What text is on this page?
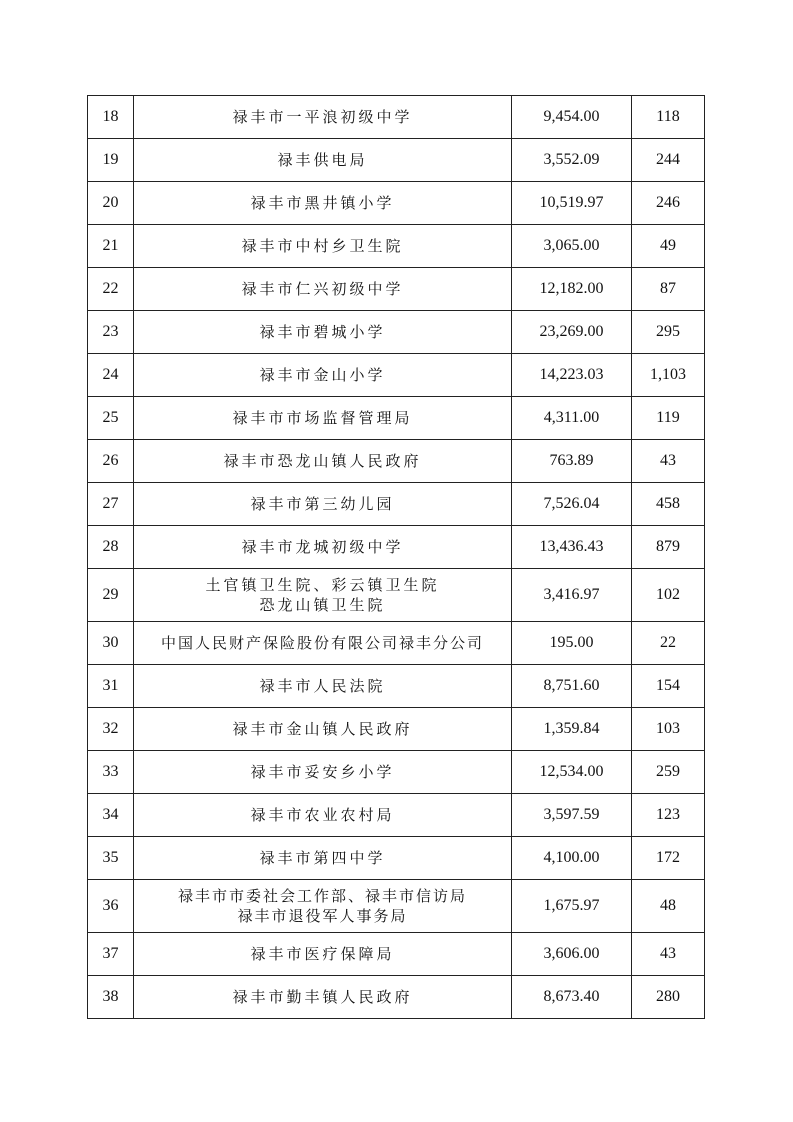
18	禄丰市一平浪初级中学	9,454.00	118
19	禄丰供电局	3,552.09	244
20	禄丰市黑井镇小学	10,519.97	246
21	禄丰市中村乡卫生院	3,065.00	49
22	禄丰市仁兴初级中学	12,182.00	87
23	禄丰市碧城小学	23,269.00	295
24	禄丰市金山小学	14,223.03	1,103
25	禄丰市市场监督管理局	4,311.00	119
26	禄丰市恐龙山镇人民政府	763.89	43
27	禄丰市第三幼儿园	7,526.04	458
28	禄丰市龙城初级中学	13,436.43	879
29	土官镇卫生院、彩云镇卫生院
恐龙山镇卫生院	3,416.97	102
30	中国人民财产保险股份有限公司禄丰分公司	195.00	22
31	禄丰市人民法院	8,751.60	154
32	禄丰市金山镇人民政府	1,359.84	103
33	禄丰市妥安乡小学	12,534.00	259
34	禄丰市农业农村局	3,597.59	123
35	禄丰市第四中学	4,100.00	172
36	禄丰市市委社会工作部、禄丰市信访局
禄丰市退役军人事务局	1,675.97	48
37	禄丰市医疗保障局	3,606.00	43
38	禄丰市勤丰镇人民政府	8,673.40	280
